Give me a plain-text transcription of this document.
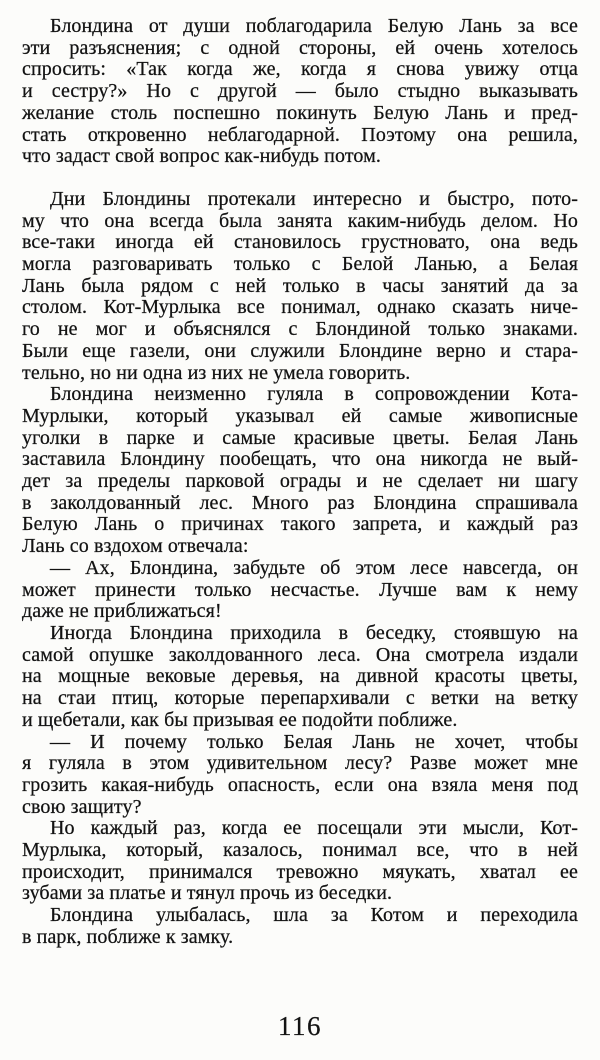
Блондина от души поблагодарила Белую Лань за все
эти разъяснения; с одной стороны, ей очень хотелось
спросить: «Так когда же, когда я снова увижу отца
и сестру?» Но с другой — было стыдно выказывать
желание столь поспешно покинуть Белую Лань и пред-
стать откровенно неблагодарной. Поэтому она решила,
что задаст свой вопрос как-нибудь потом.
Дни Блондины протекали интересно и быстро, пото-
му что она всегда была занята каким-нибудь делом. Но
все-таки иногда ей становилось грустновато, она ведь
могла разговаривать только с Белой Ланью, а Белая
Лань была рядом с ней только в часы занятий да за
столом. Кот-Мурлыка все понимал, однако сказать ниче-
го не мог и объяснялся с Блондиной только знаками.
Были еще газели, они служили Блондине верно и стара-
тельно, но ни одна из них не умела говорить.
Блондина неизменно гуляла в сопровождении Кота-
Мурлыки, который указывал ей самые живописные
уголки в парке и самые красивые цветы. Белая Лань
заставила Блондину пообещать, что она никогда не вый-
дет за пределы парковой ограды и не сделает ни шагу
в заколдованный лес. Много раз Блондина спрашивала
Белую Лань о причинах такого запрета, и каждый раз
Лань со вздохом отвечала:
— Ах, Блондина, забудьте об этом лесе навсегда, он
может принести только несчастье. Лучше вам к нему
даже не приближаться!
Иногда Блондина приходила в беседку, стоявшую на
самой опушке заколдованного леса. Она смотрела издали
на мощные вековые деревья, на дивной красоты цветы,
на стаи птиц, которые перепархивали с ветки на ветку
и щебетали, как бы призывая ее подойти поближе.
— И почему только Белая Лань не хочет, чтобы
я гуляла в этом удивительном лесу? Разве может мне
грозить какая-нибудь опасность, если она взяла меня под
свою защиту?
Но каждый раз, когда ее посещали эти мысли, Кот-
Мурлыка, который, казалось, понимал все, что в ней
происходит, принимался тревожно мяукать, хватал ее
зубами за платье и тянул прочь из беседки.
Блондина улыбалась, шла за Котом и переходила
в парк, поближе к замку.
116
